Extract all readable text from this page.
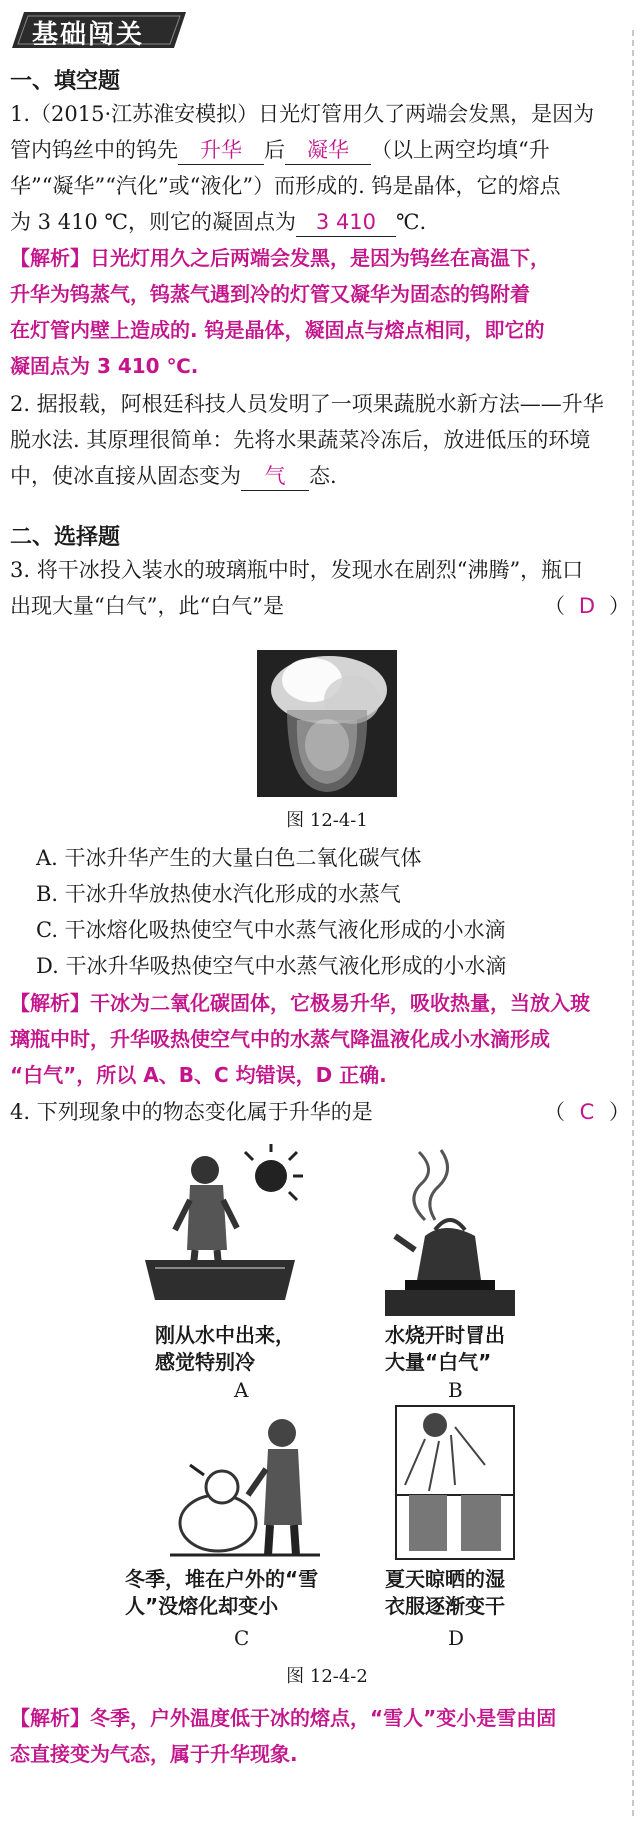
基础闯关
一、填空题
1.（2015·江苏淮安模拟）日光灯管用久了两端会发黑，是因为
管内钨丝中的钨先 升华 后 凝华 （以上两空均填“升
华”“凝华”“汽化”或“液化”）而形成的. 钨是晶体，它的熔点
为 3 410 ℃，则它的凝固点为 3 410 ℃.
【解析】日光灯用久之后两端会发黑，是因为钨丝在高温下，
升华为钨蒸气，钨蒸气遇到冷的灯管又凝华为固态的钨附着
在灯管内壁上造成的. 钨是晶体，凝固点与熔点相同，即它的
凝固点为 3 410 ℃.
2. 据报载，阿根廷科技人员发明了一项果蔬脱水新方法——升华
脱水法. 其原理很简单：先将水果蔬菜冷冻后，放进低压的环境
中，使冰直接从固态变为 气 态.
二、选择题
3. 将干冰投入装水的玻璃瓶中时，发现水在剧烈“沸腾”，瓶口
出现大量“白气”，此“白气”是	（ D ）
图 12-4-1
A. 干冰升华产生的大量白色二氧化碳气体
B. 干冰升华放热使水汽化形成的水蒸气
C. 干冰熔化吸热使空气中水蒸气液化形成的小水滴
D. 干冰升华吸热使空气中水蒸气液化形成的小水滴
【解析】干冰为二氧化碳固体，它极易升华，吸收热量，当放入玻
璃瓶中时，升华吸热使空气中的水蒸气降温液化成小水滴形成
“白气”，所以 A、B、C 均错误，D 正确.
4. 下列现象中的物态变化属于升华的是	（ C ）
刚从水中出来，
感觉特别冷
A
水烧开时冒出
大量“白气”
B
冬季，堆在户外的“雪
人”没熔化却变小
C
夏天晾晒的湿
衣服逐渐变干
D
图 12-4-2
【解析】冬季，户外温度低于冰的熔点，“雪人”变小是雪由固
态直接变为气态，属于升华现象.
